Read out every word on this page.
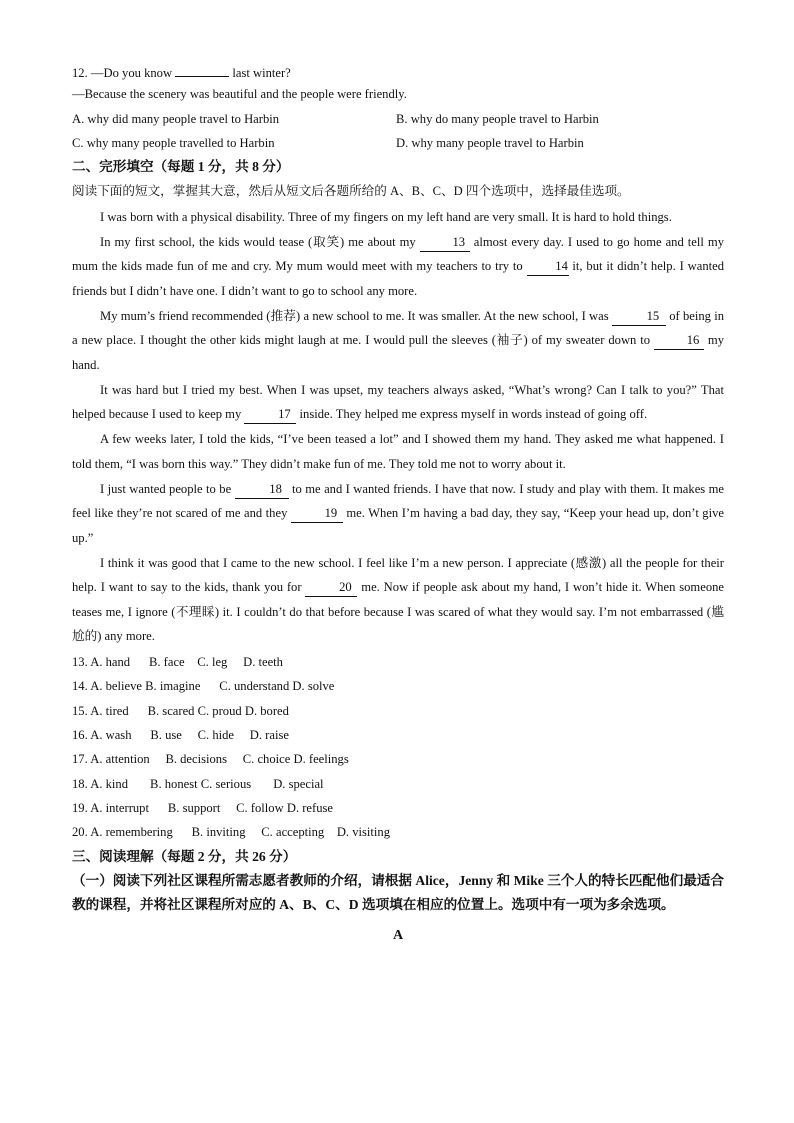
12. —Do you know	last winter?
—Because the scenery was beautiful and the people were friendly.
A. why did many people travel to Harbin	B. why do many people travel to Harbin
C. why many people travelled to Harbin	D. why many people travel to Harbin
二、完形填空（每题 1 分，共 8 分）
阅读下面的短文，掌握其大意，然后从短文后各题所给的 A、B、C、D 四个选项中，选择最佳选项。
I was born with a physical disability. Three of my fingers on my left hand are very small. It is hard to hold things.
In my first school, the kids would tease (取笑) me about my	13 almost every day. I used to go home and tell my mum the kids made fun of me and cry. My mum would meet with my teachers to try to 14 it, but it didn’t help. I wanted friends but I didn’t have one. I didn’t want to go to school any more.
My mum’s friend recommended (推荐) a new school to me. It was smaller. At the new school, I was	15 of being in a new place. I thought the other kids might laugh at me. I would pull the sleeves (袖子) of my sweater down to	16 my hand.
It was hard but I tried my best. When I was upset, my teachers always asked, “What’s wrong? Can I talk to you?” That helped because I used to keep my	17 inside. They helped me express myself in words instead of going off.
A few weeks later, I told the kids, “I’ve been teased a lot” and I showed them my hand. They asked me what happened. I told them, “I was born this way.” They didn’t make fun of me. They told me not to worry about it.
I just wanted people to be	18 to me and I wanted friends. I have that now. I study and play with them. It makes me feel like they’re not scared of me and they	19 me. When I’m having a bad day, they say, “Keep your head up, don’t give up.”
I think it was good that I came to the new school. I feel like I’m a new person. I appreciate (感激) all the people for their help. I want to say to the kids, thank you for	20 me. Now if people ask about my hand, I won’t hide it. When someone teases me, I ignore (不理睬) it. I couldn’t do that before because I was scared of what they would say. I’m not embarrassed (尴尬的) any more.
13. A. hand B. face C. leg D. teeth
14. A. believe B. imagine C. understand D. solve
15. A. tired B. scared C. proud D. bored
16. A. wash B. use C. hide D. raise
17. A. attention B. decisions C. choice D. feelings
18. A. kind B. honest C. serious D. special
19. A. interrupt B. support C. follow D. refuse
20. A. remembering B. inviting C. accepting D. visiting
三、阅读理解（每题 2 分，共 26 分）
（一）阅读下列社区课程所需志愿者教师的介绍，请根据 Alice，Jenny 和 Mike 三个人的特长匹配他们最适合教的课程，并将社区课程所对应的 A、B、C、D 选项填在相应的位置上。选项中有一项为多余选项。
A
